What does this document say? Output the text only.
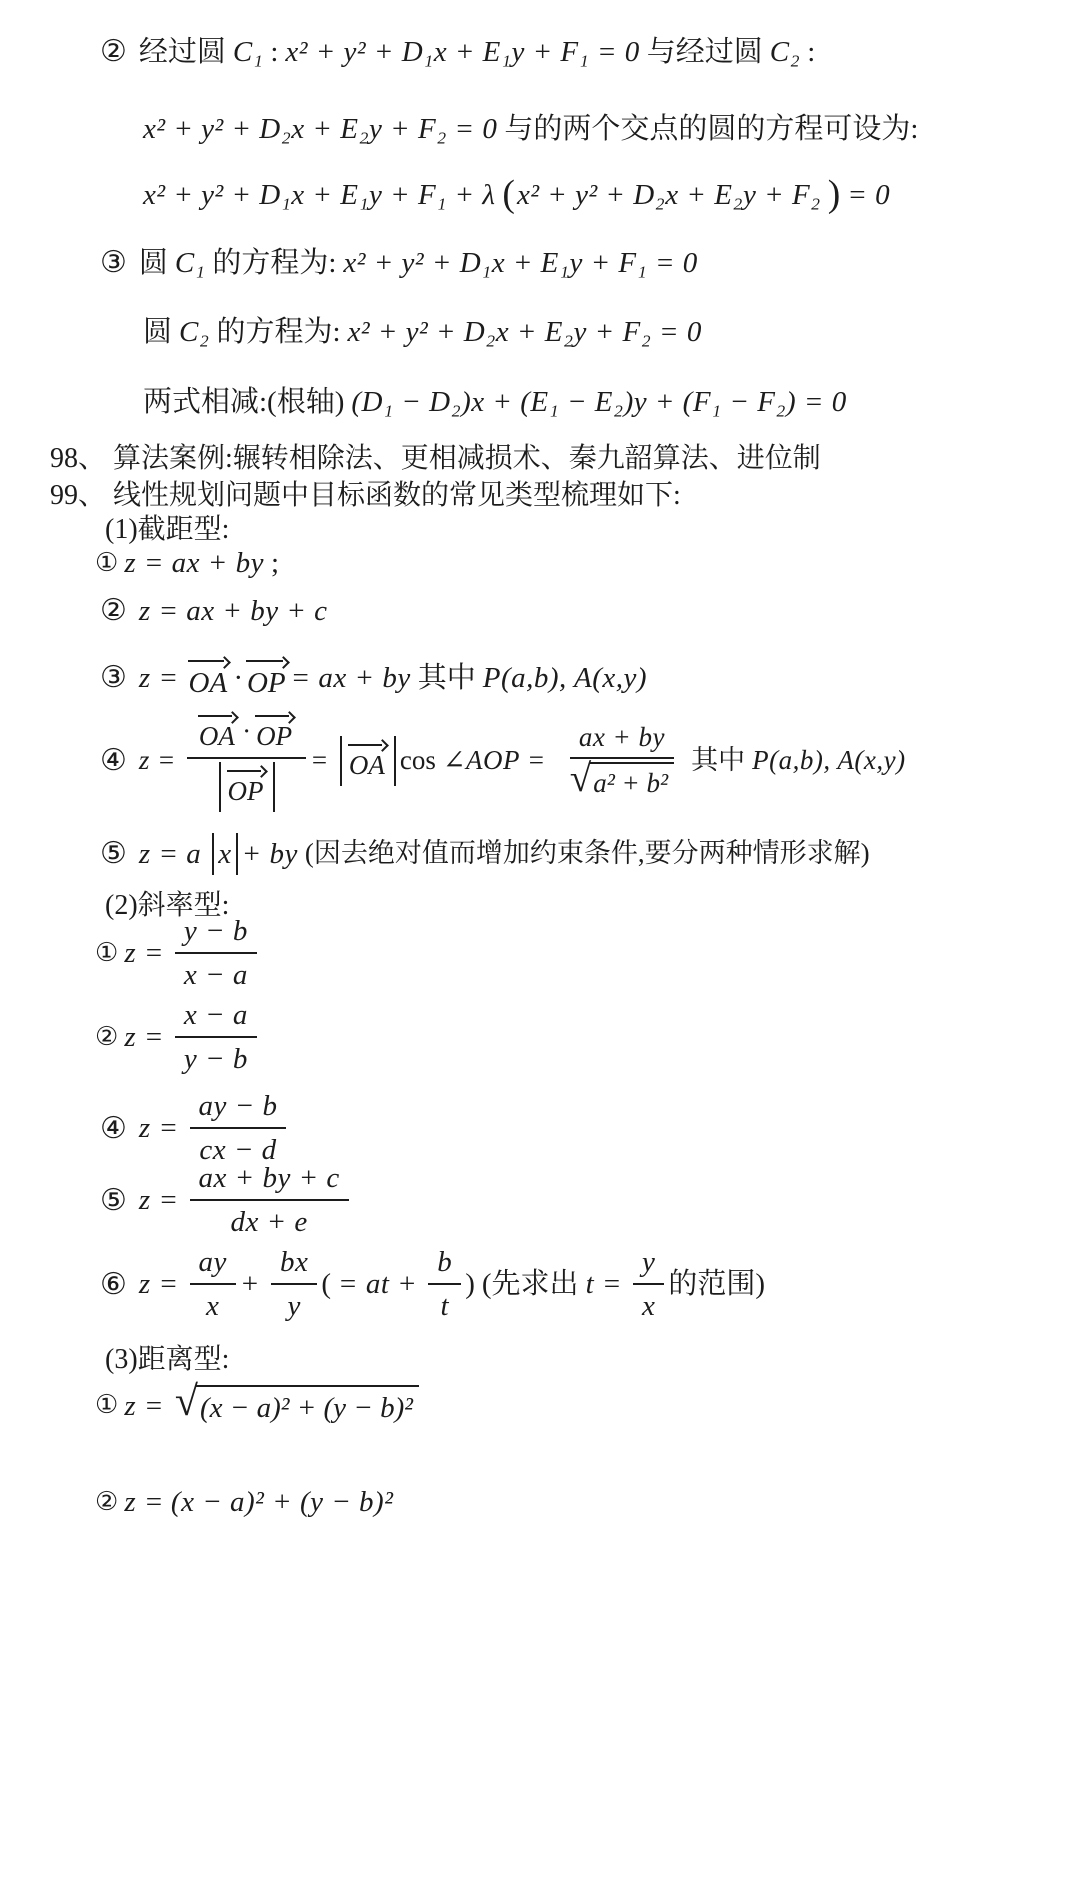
② 经过圆 C₁ : x² + y² + D₁x + E₁y + F₁ = 0 与经过圆 C₂ :
x² + y² + D₂x + E₂y + F₂ = 0 与的两个交点的圆的方程可设为:
x² + y² + D₁x + E₁y + F₁ + λ ( x² + y² + D₂x + E₂y + F₂ ) = 0
③ 圆 C₁ 的方程为: x² + y² + D₁x + E₁y + F₁ = 0
圆 C₂ 的方程为: x² + y² + D₂x + E₂y + F₂ = 0
两式相减:(根轴) (D₁ − D₂)x + (E₁ − E₂)y + (F₁ − F₂) = 0
98、 算法案例:辗转相除法、更相减损术、秦九韶算法、进位制
99、 线性规划问题中目标函数的常见类型梳理如下:
(1)截距型:
① z = ax + by ;
② z = ax + by + c
③ z = OA · OP = ax + by 其中 P(a,b), A(x,y)
④ $z = \frac{OA \cdot OP}{OP}$ = OA cos ∠AOP = $\frac{ax + by}{\text{√ a² + b²}}$ 其中 P(a,b), A(x,y)
⑤ z = a x + by (因去绝对值而增加约束条件,要分两种情形求解)
(2)斜率型:
① $z = \frac{y - b}{x - a}$
② $z = \frac{x - a}{y - b}$
④ $z = \frac{ay - b}{cx - d}$
⑤ $z = \frac{ax + by + c}{dx + e}$
⑥ $z = \frac{ay}{x} + \frac{bx}{y}$ ( = at + $\frac{b}{t}$ ) (先求出 $t = \frac{y}{x}$ 的范围)
(3)距离型:
① z = √ (x − a)² + (y − b)²
② z = (x − a)² + (y − b)²
